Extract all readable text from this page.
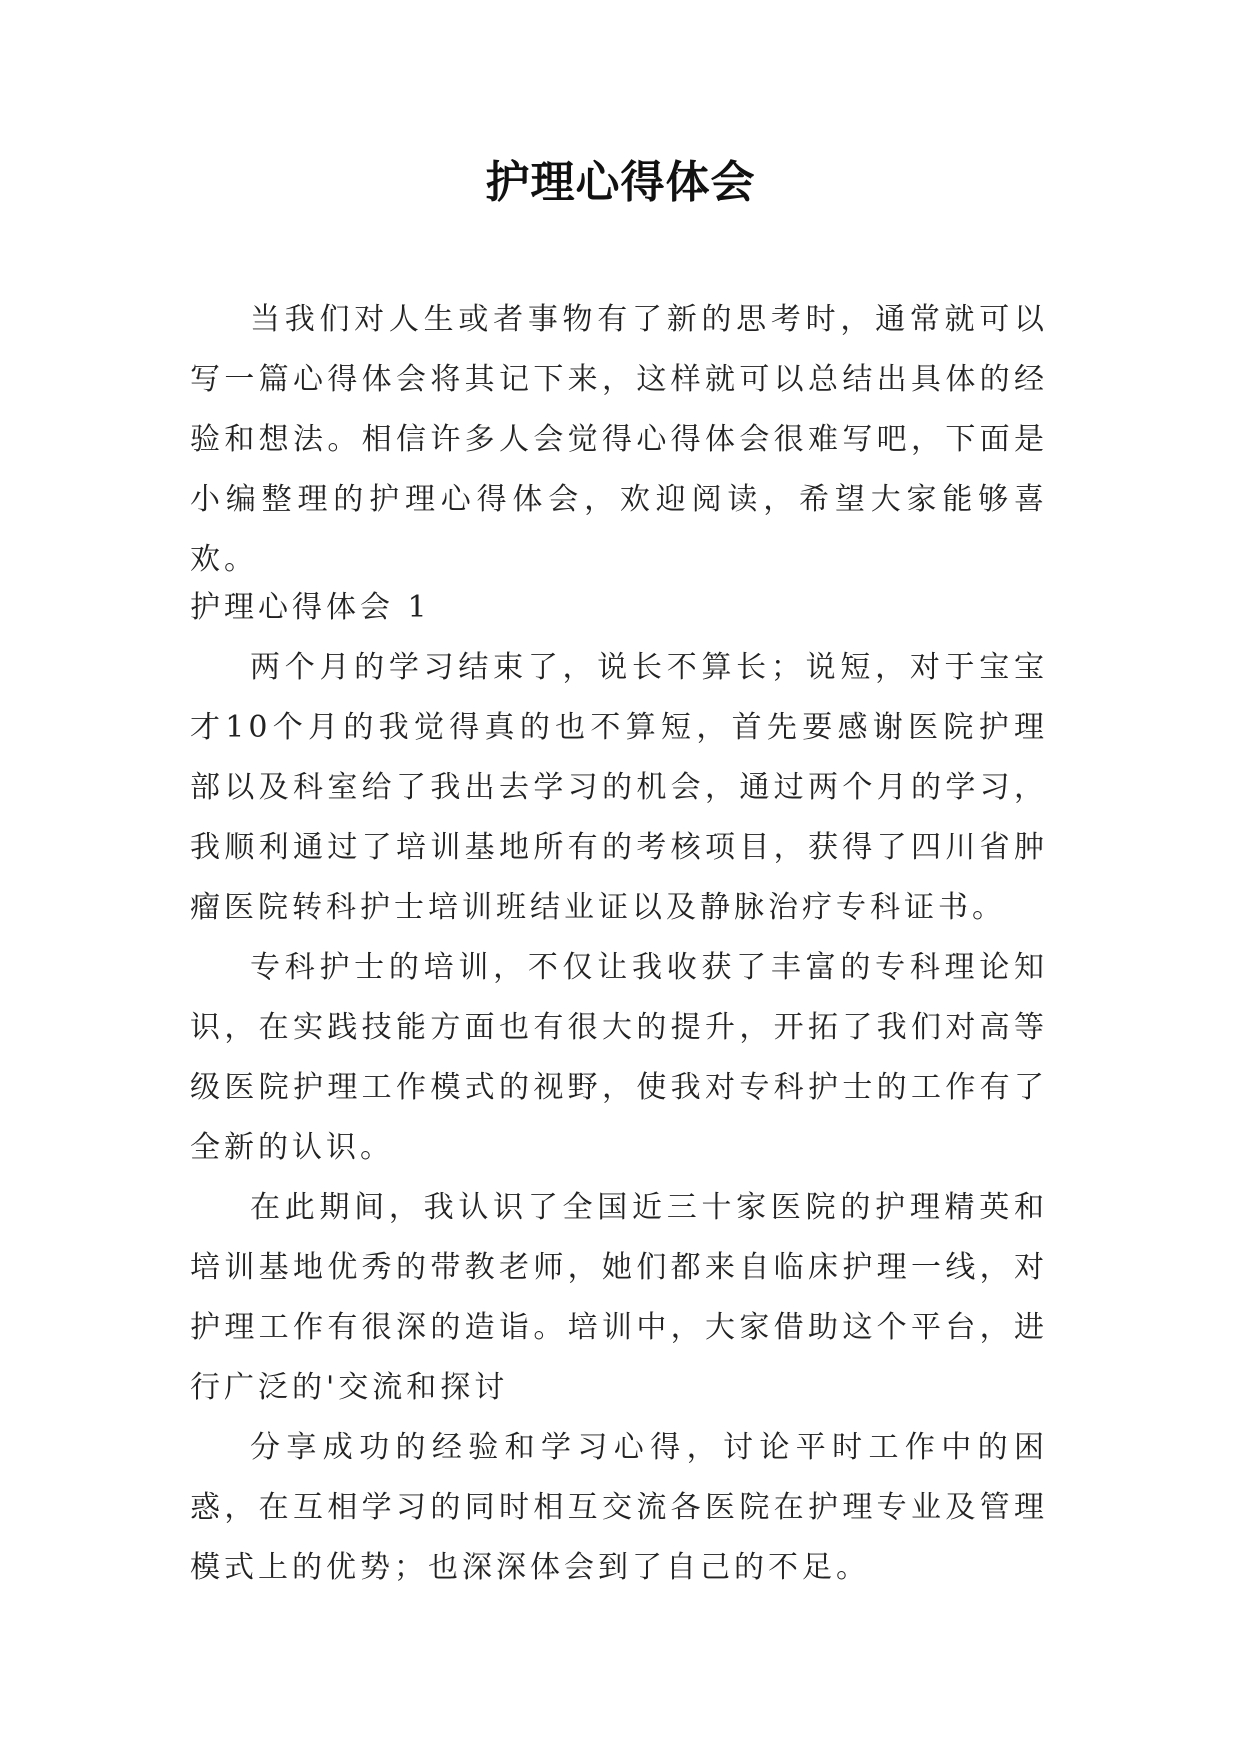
护理心得体会

当我们对人生或者事物有了新的思考时，通常就可以写一篇心得体会将其记下来，这样就可以总结出具体的经验和想法。相信许多人会觉得心得体会很难写吧，下面是小编整理的护理心得体会，欢迎阅读，希望大家能够喜欢。

护理心得体会 1

两个月的学习结束了，说长不算长；说短，对于宝宝才10个月的我觉得真的也不算短，首先要感谢医院护理部以及科室给了我出去学习的机会，通过两个月的学习，我顺利通过了培训基地所有的考核项目，获得了四川省肿瘤医院转科护士培训班结业证以及静脉治疗专科证书。

专科护士的培训，不仅让我收获了丰富的专科理论知识，在实践技能方面也有很大的提升，开拓了我们对高等级医院护理工作模式的视野，使我对专科护士的工作有了全新的认识。

在此期间，我认识了全国近三十家医院的护理精英和培训基地优秀的带教老师，她们都来自临床护理一线，对护理工作有很深的造诣。培训中，大家借助这个平台，进行广泛的'交流和探讨

分享成功的经验和学习心得，讨论平时工作中的困惑，在互相学习的同时相互交流各医院在护理专业及管理模式上的优势；也深深体会到了自己的不足。
